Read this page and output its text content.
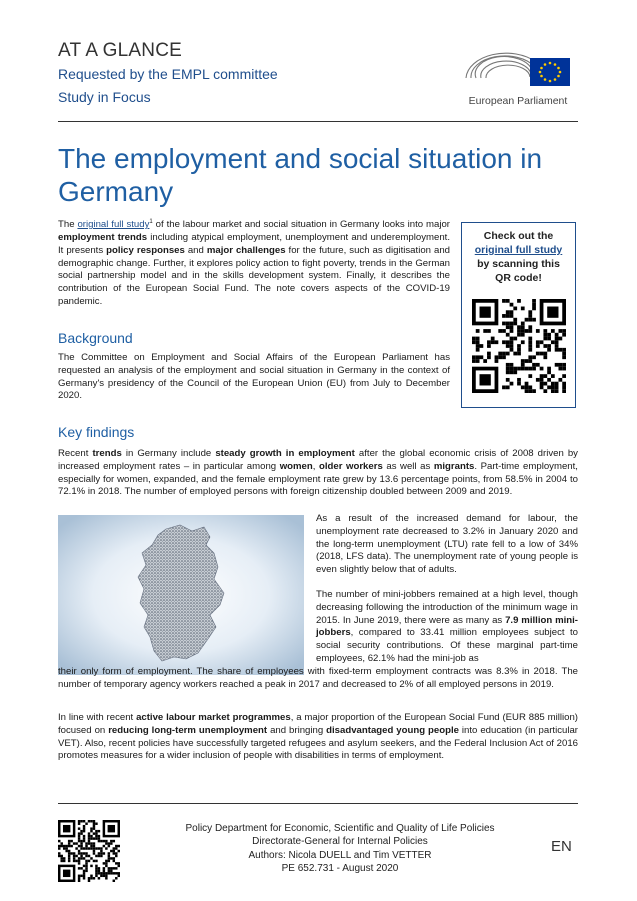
AT A GLANCE
Requested by the EMPL committee
Study in Focus	European Parliament
The employment and social situation in Germany
The original full study$^1$ of the labour market and social situation in Germany looks into major employment trends including atypical employment, unemployment and underemployment. It presents policy responses and major challenges for the future, such as digitisation and demographic change. Further, it explores policy action to fight poverty, trends in the German social partnership model and in the skills development system. Finally, it describes the contribution of the European Social Fund. The note covers aspects of the COVID-19 pandemic.
Check out the
original full study
by scanning this
QR code!
Background
The Committee on Employment and Social Affairs of the European Parliament has requested an analysis of the employment and social situation in Germany in the context of Germany's presidency of the Council of the European Union (EU) from July to December 2020.
Key findings
Recent trends in Germany include steady growth in employment after the global economic crisis of 2008 driven by increased employment rates – in particular among women, older workers as well as migrants. Part-time employment, especially for women, expanded, and the female employment rate grew by 13.6 percentage points, from 58.5% in 2004 to 72.1% in 2018. The number of employed persons with foreign citizenship doubled between 2009 and 2019.
As a result of the increased demand for labour, the unemployment rate decreased to 3.2% in January 2020 and the long-term unemployment (LTU) rate fell to a low of 34% (2018, LFS data). The unemployment rate of young people is even slightly below that of adults.
The number of mini-jobbers remained at a high level, though decreasing following the introduction of the minimum wage in 2015. In June 2019, there were as many as 7.9 million mini-jobbers, compared to 33.41 million employees subject to social security contributions. Of these marginal part-time employees, 62.1% had the mini-job as
their only form of employment. The share of employees with fixed-term employment contracts was 8.3% in 2018. The number of temporary agency workers reached a peak in 2017 and decreased to 2% of all employed persons in 2019.
In line with recent active labour market programmes, a major proportion of the European Social Fund (EUR 885 million) focused on reducing long-term unemployment and bringing disadvantaged young people into education (in particular VET). Also, recent policies have successfully targeted refugees and asylum seekers, and the Federal Inclusion Act of 2016 promotes measures for a wider inclusion of people with disabilities in terms of employment.
Policy Department for Economic, Scientific and Quality of Life Policies
Directorate-General for Internal Policies
Authors: Nicola DUELL and Tim VETTER
PE 652.731 - August 2020
EN
